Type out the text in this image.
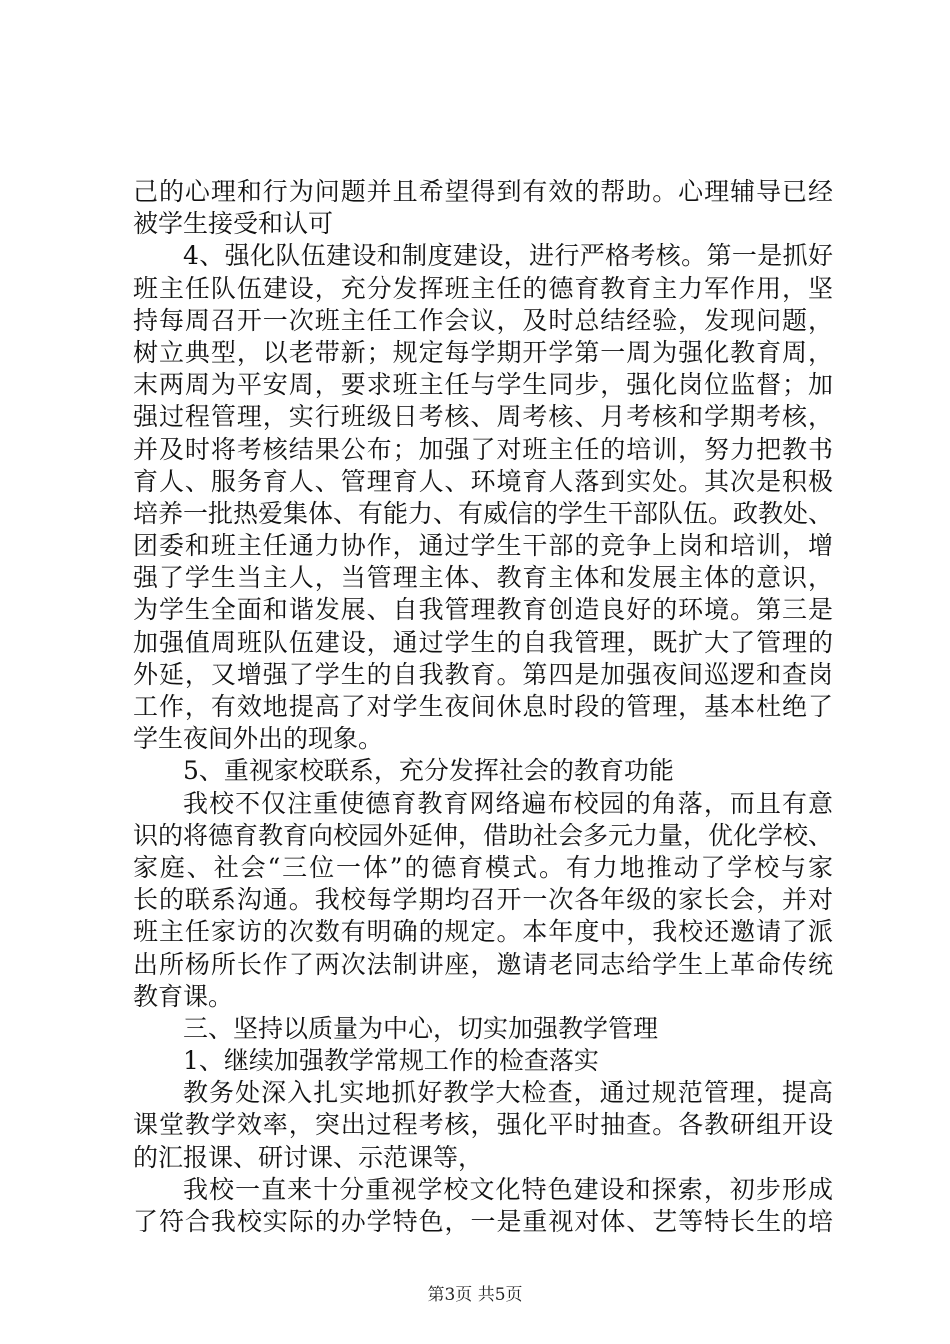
己的心理和行为问题并且希望得到有效的帮助。心理辅导已经
被学生接受和认可
4、强化队伍建设和制度建设，进行严格考核。第一是抓好
班主任队伍建设，充分发挥班主任的德育教育主力军作用，坚
持每周召开一次班主任工作会议，及时总结经验，发现问题，
树立典型，以老带新；规定每学期开学第一周为强化教育周，
末两周为平安周，要求班主任与学生同步，强化岗位监督；加
强过程管理，实行班级日考核、周考核、月考核和学期考核，
并及时将考核结果公布；加强了对班主任的培训，努力把教书
育人、服务育人、管理育人、环境育人落到实处。其次是积极
培养一批热爱集体、有能力、有威信的学生干部队伍。政教处、
团委和班主任通力协作，通过学生干部的竞争上岗和培训，增
强了学生当主人，当管理主体、教育主体和发展主体的意识，
为学生全面和谐发展、自我管理教育创造良好的环境。第三是
加强值周班队伍建设，通过学生的自我管理，既扩大了管理的
外延，又增强了学生的自我教育。第四是加强夜间巡逻和查岗
工作，有效地提高了对学生夜间休息时段的管理，基本杜绝了
学生夜间外出的现象。
5、重视家校联系，充分发挥社会的教育功能
我校不仅注重使德育教育网络遍布校园的角落，而且有意
识的将德育教育向校园外延伸，借助社会多元力量，优化学校、
家庭、社会“三位一体”的德育模式。有力地推动了学校与家
长的联系沟通。我校每学期均召开一次各年级的家长会，并对
班主任家访的次数有明确的规定。本年度中，我校还邀请了派
出所杨所长作了两次法制讲座，邀请老同志给学生上革命传统
教育课。
三、坚持以质量为中心，切实加强教学管理
1、继续加强教学常规工作的检查落实
教务处深入扎实地抓好教学大检查，通过规范管理，提高
课堂教学效率，突出过程考核，强化平时抽查。各教研组开设
的汇报课、研讨课、示范课等，
我校一直来十分重视学校文化特色建设和探索，初步形成
了符合我校实际的办学特色，一是重视对体、艺等特长生的培
第3页 共5页
